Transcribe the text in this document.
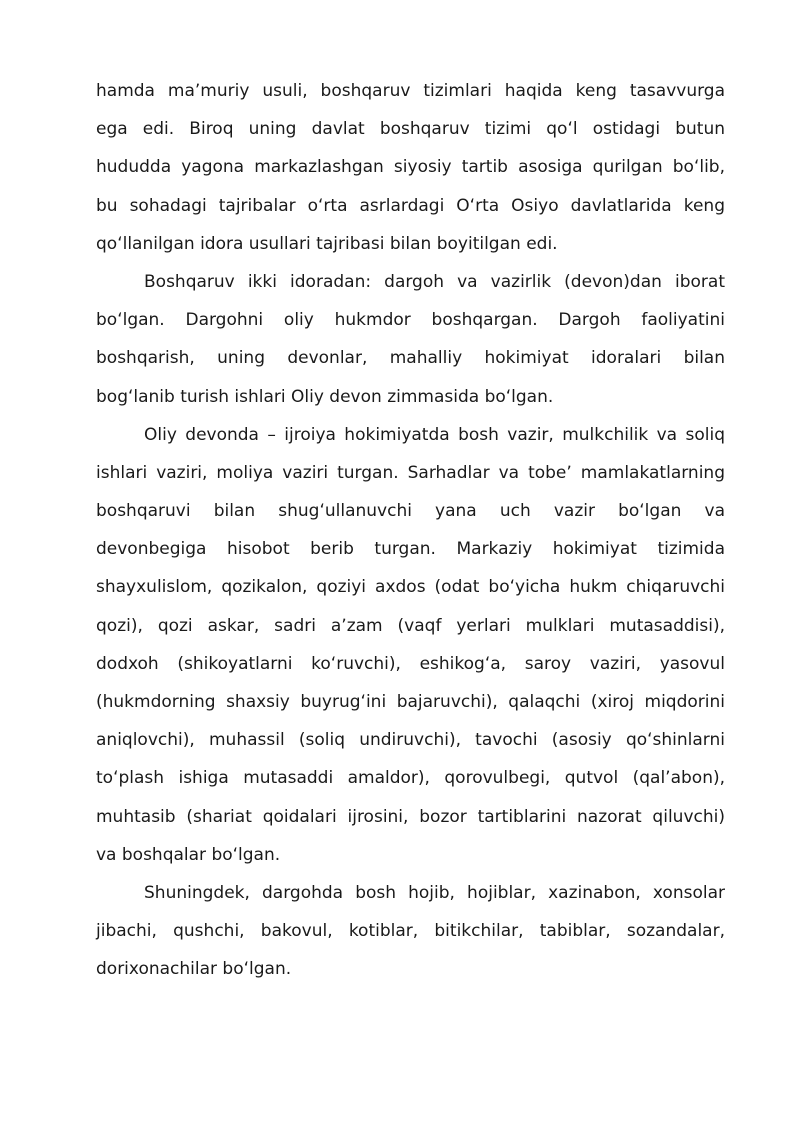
hamda maʼmuriy usuli, boshqaruv tizimlari haqida keng tasavvurga
ega edi. Biroq uning davlat boshqaruv tizimi qoʻl ostidagi butun
hududda yagona markazlashgan siyosiy tartib asosiga qurilgan boʻlib,
bu sohadagi tajribalar oʻrta asrlardagi Oʻrta Osiyo davlatlarida keng
qoʻllanilgan idora usullari tajribasi bilan boyitilgan edi.
Boshqaruv ikki idoradan: dargoh va vazirlik (devon)dan iborat
boʻlgan. Dargohni oliy hukmdor boshqargan. Dargoh faoliyatini
boshqarish, uning devonlar, mahalliy hokimiyat idoralari bilan
bogʻlanib turish ishlari Oliy devon zimmasida boʻlgan.
Oliy devonda – ijroiya hokimiyatda bosh vazir, mulkchilik va soliq
ishlari vaziri, moliya vaziri turgan. Sarhadlar va tobeʼ mamlakatlarning
boshqaruvi bilan shugʻullanuvchi yana uch vazir boʻlgan va
devonbegiga hisobot berib turgan. Markaziy hokimiyat tizimida
shayxulislom, qozikalon, qoziyi axdos (odat boʻyicha hukm chiqaruvchi
qozi), qozi askar, sadri aʼzam (vaqf yerlari mulklari mutasaddisi),
dodxoh (shikoyatlarni koʻruvchi), eshikogʻa, saroy vaziri, yasovul
(hukmdorning shaxsiy buyrugʻini bajaruvchi), qalaqchi (xiroj miqdorini
aniqlovchi), muhassil (soliq undiruvchi), tavochi (asosiy qoʻshinlarni
toʻplash ishiga mutasaddi amaldor), qorovulbegi, qutvol (qalʼabon),
muhtasib (shariat qoidalari ijrosini, bozor tartiblarini nazorat qiluvchi)
va boshqalar boʻlgan.
Shuningdek, dargohda bosh hojib, hojiblar, xazinabon, xonsolar
jibachi, qushchi, bakovul, kotiblar, bitikchilar, tabiblar, sozandalar,
dorixonachilar boʻlgan.
